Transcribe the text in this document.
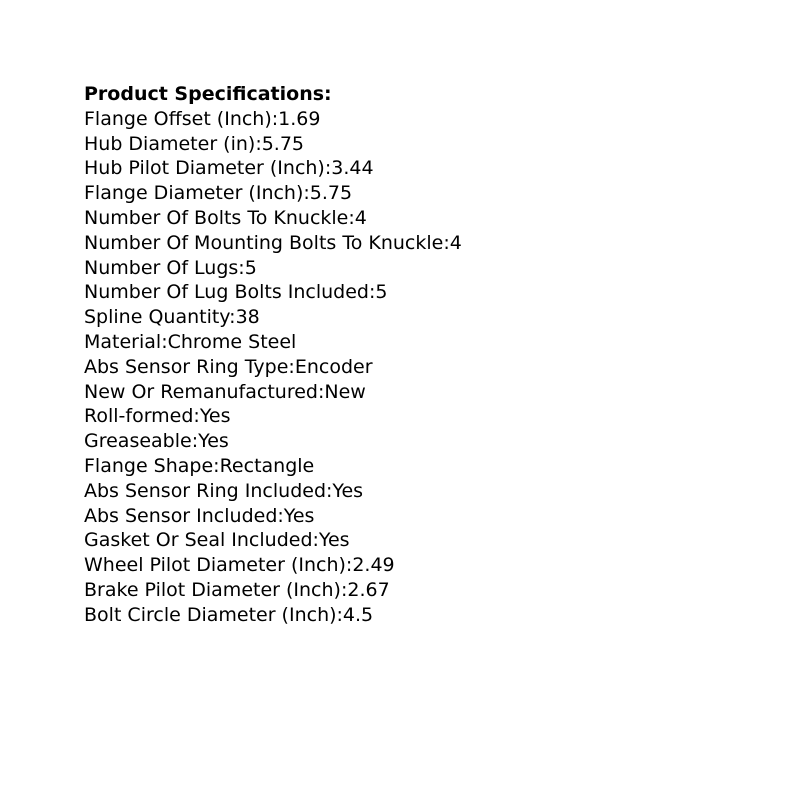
Product Specifications:
Flange Offset (Inch):1.69
Hub Diameter (in):5.75
Hub Pilot Diameter (Inch):3.44
Flange Diameter (Inch):5.75
Number Of Bolts To Knuckle:4
Number Of Mounting Bolts To Knuckle:4
Number Of Lugs:5
Number Of Lug Bolts Included:5
Spline Quantity:38
Material:Chrome Steel
Abs Sensor Ring Type:Encoder
New Or Remanufactured:New
Roll-formed:Yes
Greaseable:Yes
Flange Shape:Rectangle
Abs Sensor Ring Included:Yes
Abs Sensor Included:Yes
Gasket Or Seal Included:Yes
Wheel Pilot Diameter (Inch):2.49
Brake Pilot Diameter (Inch):2.67
Bolt Circle Diameter (Inch):4.5
